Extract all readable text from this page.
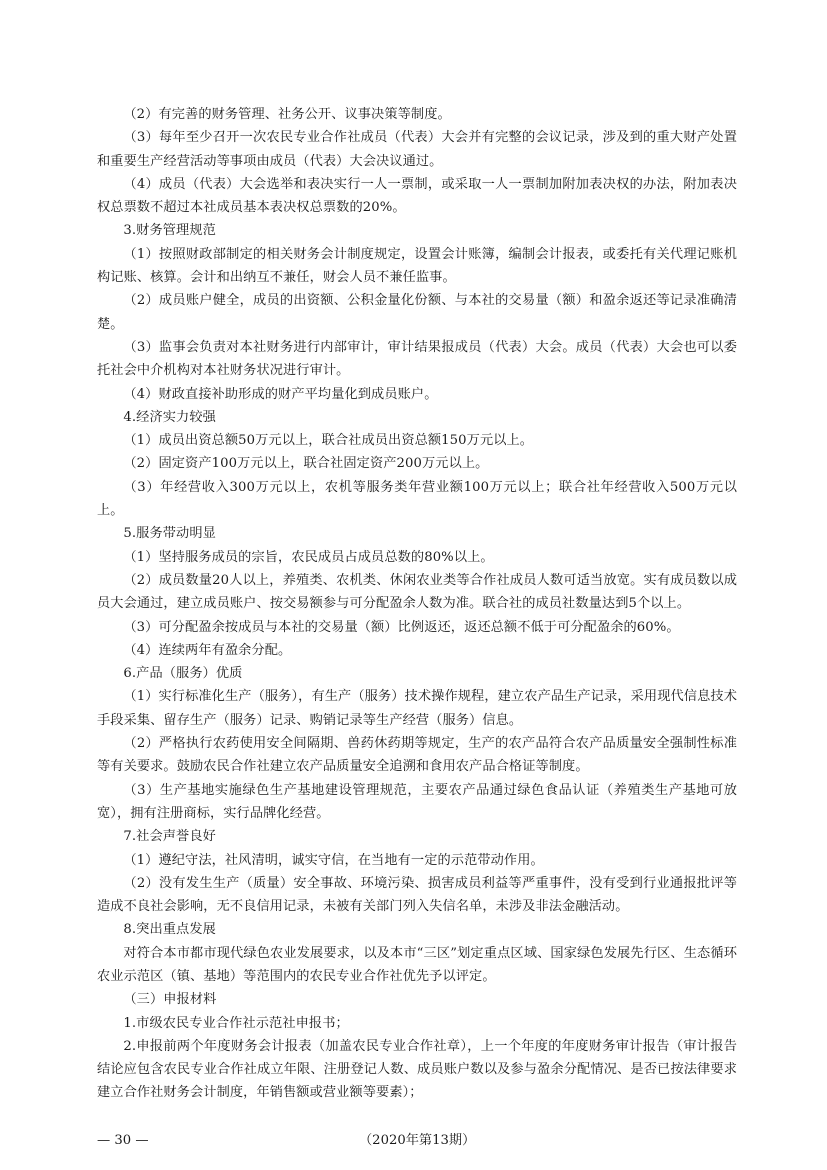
（2）有完善的财务管理、社务公开、议事决策等制度。

（3）每年至少召开一次农民专业合作社成员（代表）大会并有完整的会议记录，涉及到的重大财产处置和重要生产经营活动等事项由成员（代表）大会决议通过。

（4）成员（代表）大会选举和表决实行一人一票制，或采取一人一票制加附加表决权的办法，附加表决权总票数不超过本社成员基本表决权总票数的20%。

3.财务管理规范

（1）按照财政部制定的相关财务会计制度规定，设置会计账簿，编制会计报表，或委托有关代理记账机构记账、核算。会计和出纳互不兼任，财会人员不兼任监事。

（2）成员账户健全，成员的出资额、公积金量化份额、与本社的交易量（额）和盈余返还等记录准确清楚。

（3）监事会负责对本社财务进行内部审计，审计结果报成员（代表）大会。成员（代表）大会也可以委托社会中介机构对本社财务状况进行审计。

（4）财政直接补助形成的财产平均量化到成员账户。

4.经济实力较强

（1）成员出资总额50万元以上，联合社成员出资总额150万元以上。

（2）固定资产100万元以上，联合社固定资产200万元以上。

（3）年经营收入300万元以上，农机等服务类年营业额100万元以上；联合社年经营收入500万元以上。

5.服务带动明显

（1）坚持服务成员的宗旨，农民成员占成员总数的80%以上。

（2）成员数量20人以上，养殖类、农机类、休闲农业类等合作社成员人数可适当放宽。实有成员数以成员大会通过，建立成员账户、按交易额参与可分配盈余人数为准。联合社的成员社数量达到5个以上。

（3）可分配盈余按成员与本社的交易量（额）比例返还，返还总额不低于可分配盈余的60%。

（4）连续两年有盈余分配。

6.产品（服务）优质

（1）实行标准化生产（服务），有生产（服务）技术操作规程，建立农产品生产记录，采用现代信息技术手段采集、留存生产（服务）记录、购销记录等生产经营（服务）信息。

（2）严格执行农药使用安全间隔期、兽药休药期等规定，生产的农产品符合农产品质量安全强制性标准等有关要求。鼓励农民合作社建立农产品质量安全追溯和食用农产品合格证等制度。

（3）生产基地实施绿色生产基地建设管理规范，主要农产品通过绿色食品认证（养殖类生产基地可放宽），拥有注册商标，实行品牌化经营。

7.社会声誉良好

（1）遵纪守法，社风清明，诚实守信，在当地有一定的示范带动作用。

（2）没有发生生产（质量）安全事故、环境污染、损害成员利益等严重事件，没有受到行业通报批评等造成不良社会影响，无不良信用记录，未被有关部门列入失信名单，未涉及非法金融活动。

8.突出重点发展

对符合本市都市现代绿色农业发展要求，以及本市“三区”划定重点区域、国家绿色发展先行区、生态循环农业示范区（镇、基地）等范围内的农民专业合作社优先予以评定。

（三）申报材料

1.市级农民专业合作社示范社申报书；

2.申报前两个年度财务会计报表（加盖农民专业合作社章），上一个年度的年度财务审计报告（审计报告结论应包含农民专业合作社成立年限、注册登记人数、成员账户数以及参与盈余分配情况、是否已按法律要求建立合作社财务会计制度，年销售额或营业额等要素）；

— 30 —	（2020年第13期）
